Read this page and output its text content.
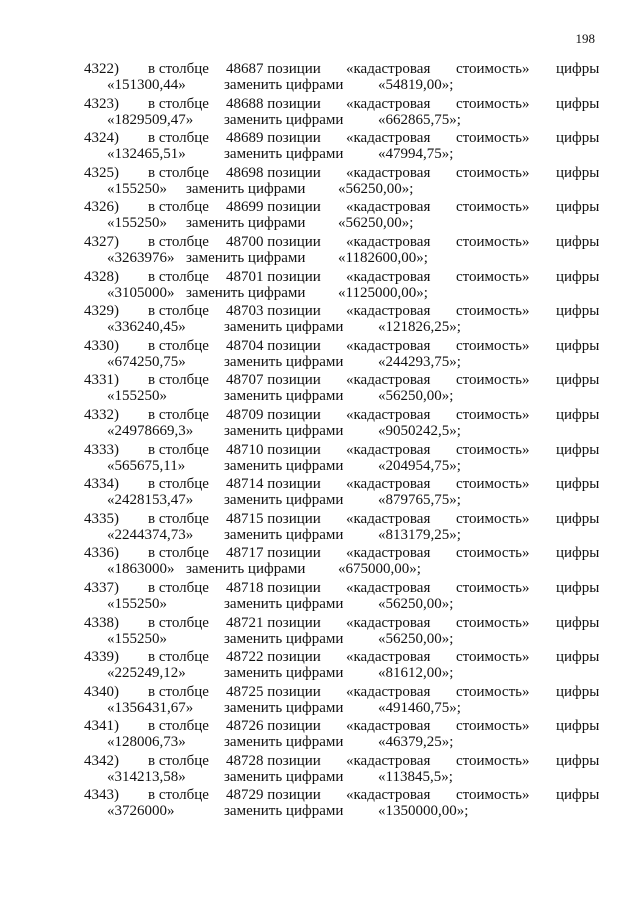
198
4322) в столбце 48687 позиции «кадастровая стоимость» цифры
«151300,44»	заменить цифрами «54819,00»;
4323) в столбце 48688 позиции «кадастровая стоимость» цифры
«1829509,47» заменить цифрами «662865,75»;
4324) в столбце 48689 позиции «кадастровая стоимость» цифры
«132465,51»	заменить цифрами «47994,75»;
4325) в столбце 48698 позиции «кадастровая стоимость» цифры
«155250» заменить цифрами «56250,00»;
4326) в столбце 48699 позиции «кадастровая стоимость» цифры
«155250» заменить цифрами «56250,00»;
4327) в столбце 48700 позиции «кадастровая стоимость» цифры
«3263976» заменить цифрами «1182600,00»;
4328) в столбце 48701 позиции «кадастровая стоимость» цифры
«3105000» заменить цифрами «1125000,00»;
4329) в столбце 48703 позиции «кадастровая стоимость» цифры
«336240,45»	заменить цифрами «121826,25»;
4330) в столбце 48704 позиции «кадастровая стоимость» цифры
«674250,75»	заменить цифрами «244293,75»;
4331) в столбце 48707 позиции «кадастровая стоимость» цифры
«155250»	заменить цифрами «56250,00»;
4332) в столбце 48709 позиции «кадастровая стоимость» цифры
«24978669,3» заменить цифрами «9050242,5»;
4333) в столбце 48710 позиции «кадастровая стоимость» цифры
«565675,11»	заменить цифрами «204954,75»;
4334) в столбце 48714 позиции «кадастровая стоимость» цифры
«2428153,47» заменить цифрами «879765,75»;
4335) в столбце 48715 позиции «кадастровая стоимость» цифры
«2244374,73» заменить цифрами «813179,25»;
4336) в столбце 48717 позиции «кадастровая стоимость» цифры
«1863000» заменить цифрами «675000,00»;
4337) в столбце 48718 позиции «кадастровая стоимость» цифры
«155250»	заменить цифрами «56250,00»;
4338) в столбце 48721 позиции «кадастровая стоимость» цифры
«155250»	заменить цифрами «56250,00»;
4339) в столбце 48722 позиции «кадастровая стоимость» цифры
«225249,12»	заменить цифрами «81612,00»;
4340) в столбце 48725 позиции «кадастровая стоимость» цифры
«1356431,67» заменить цифрами «491460,75»;
4341) в столбце 48726 позиции «кадастровая стоимость» цифры
«128006,73»	заменить цифрами «46379,25»;
4342) в столбце 48728 позиции «кадастровая стоимость» цифры
«314213,58»	заменить цифрами «113845,5»;
4343) в столбце 48729 позиции «кадастровая стоимость» цифры
«3726000»	заменить цифрами «1350000,00»;
